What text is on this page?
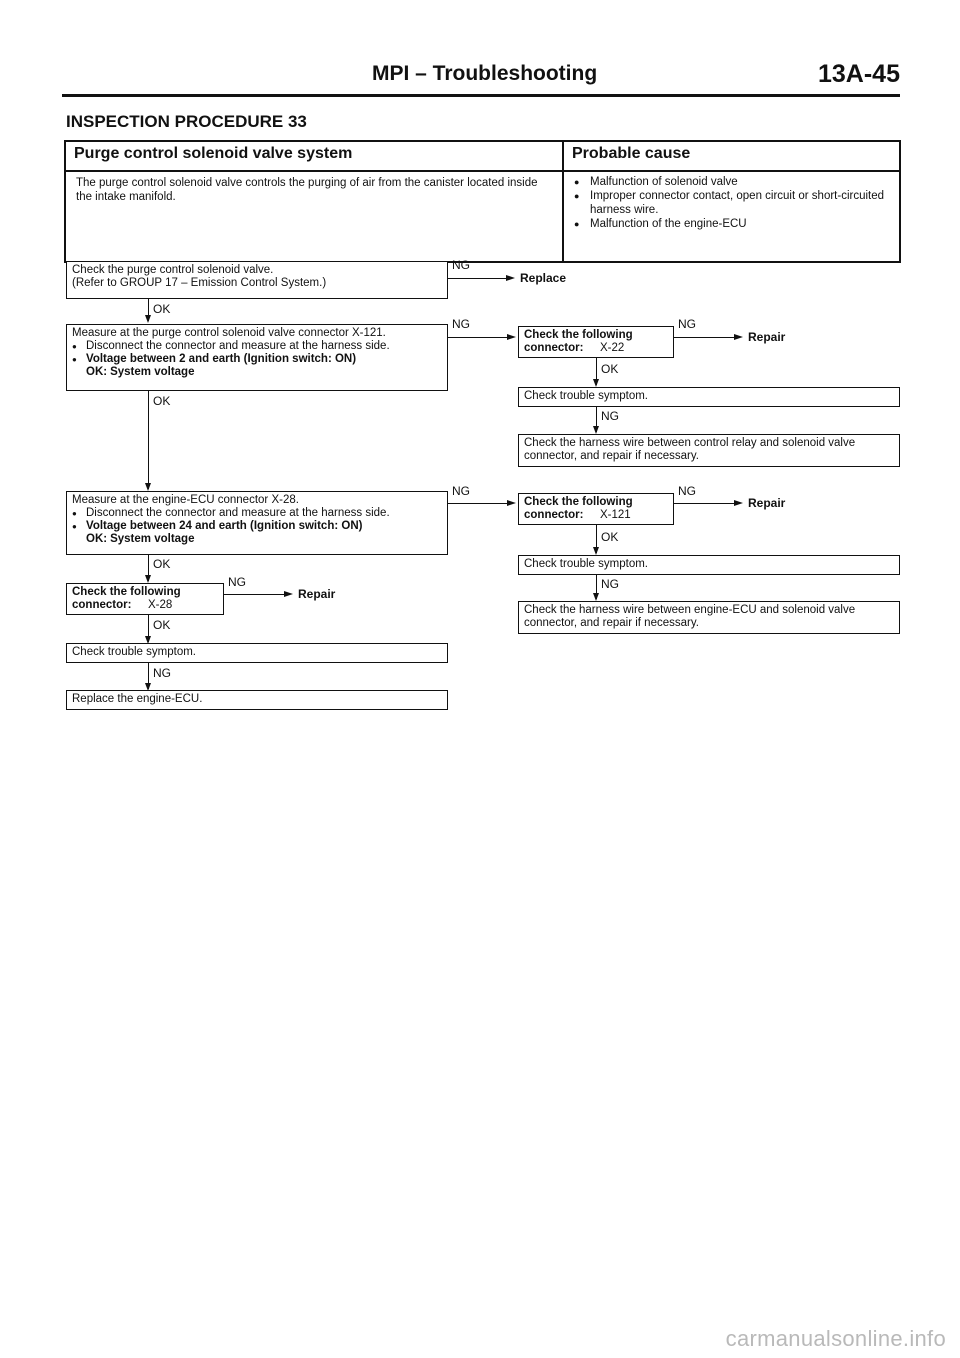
MPI – Troubleshooting	13A-45
INSPECTION PROCEDURE 33
Purge control solenoid valve system	Probable cause
The purge control solenoid valve controls the purging of air from the canister located inside the intake manifold.
● Malfunction of solenoid valve
● Improper connector contact, open circuit or short-circuited harness wire.
● Malfunction of the engine-ECU
Check the purge control solenoid valve.
(Refer to GROUP 17 – Emission Control System.)
NG
Replace
OK
Measure at the purge control solenoid valve connector X-121.
● Disconnect the connector and measure at the harness side.
● Voltage between 2 and earth (Ignition switch: ON)
OK: System voltage
NG
OK
Measure at the engine-ECU connector X-28.
● Disconnect the connector and measure at the harness side.
● Voltage between 24 and earth (Ignition switch: ON)
OK: System voltage
NG
OK
Check the following connector:	X-28
NG
Repair
OK
Check trouble symptom.
NG
Replace the engine-ECU.
Check the following connector:	X-22
NG
Repair
OK
Check trouble symptom.
NG
Check the harness wire between control relay and solenoid valve connector, and repair if necessary.
Check the following connector:	X-121
NG
Repair
OK
Check trouble symptom.
NG
Check the harness wire between engine-ECU and solenoid valve connector, and repair if necessary.
carmanualsonline.info
